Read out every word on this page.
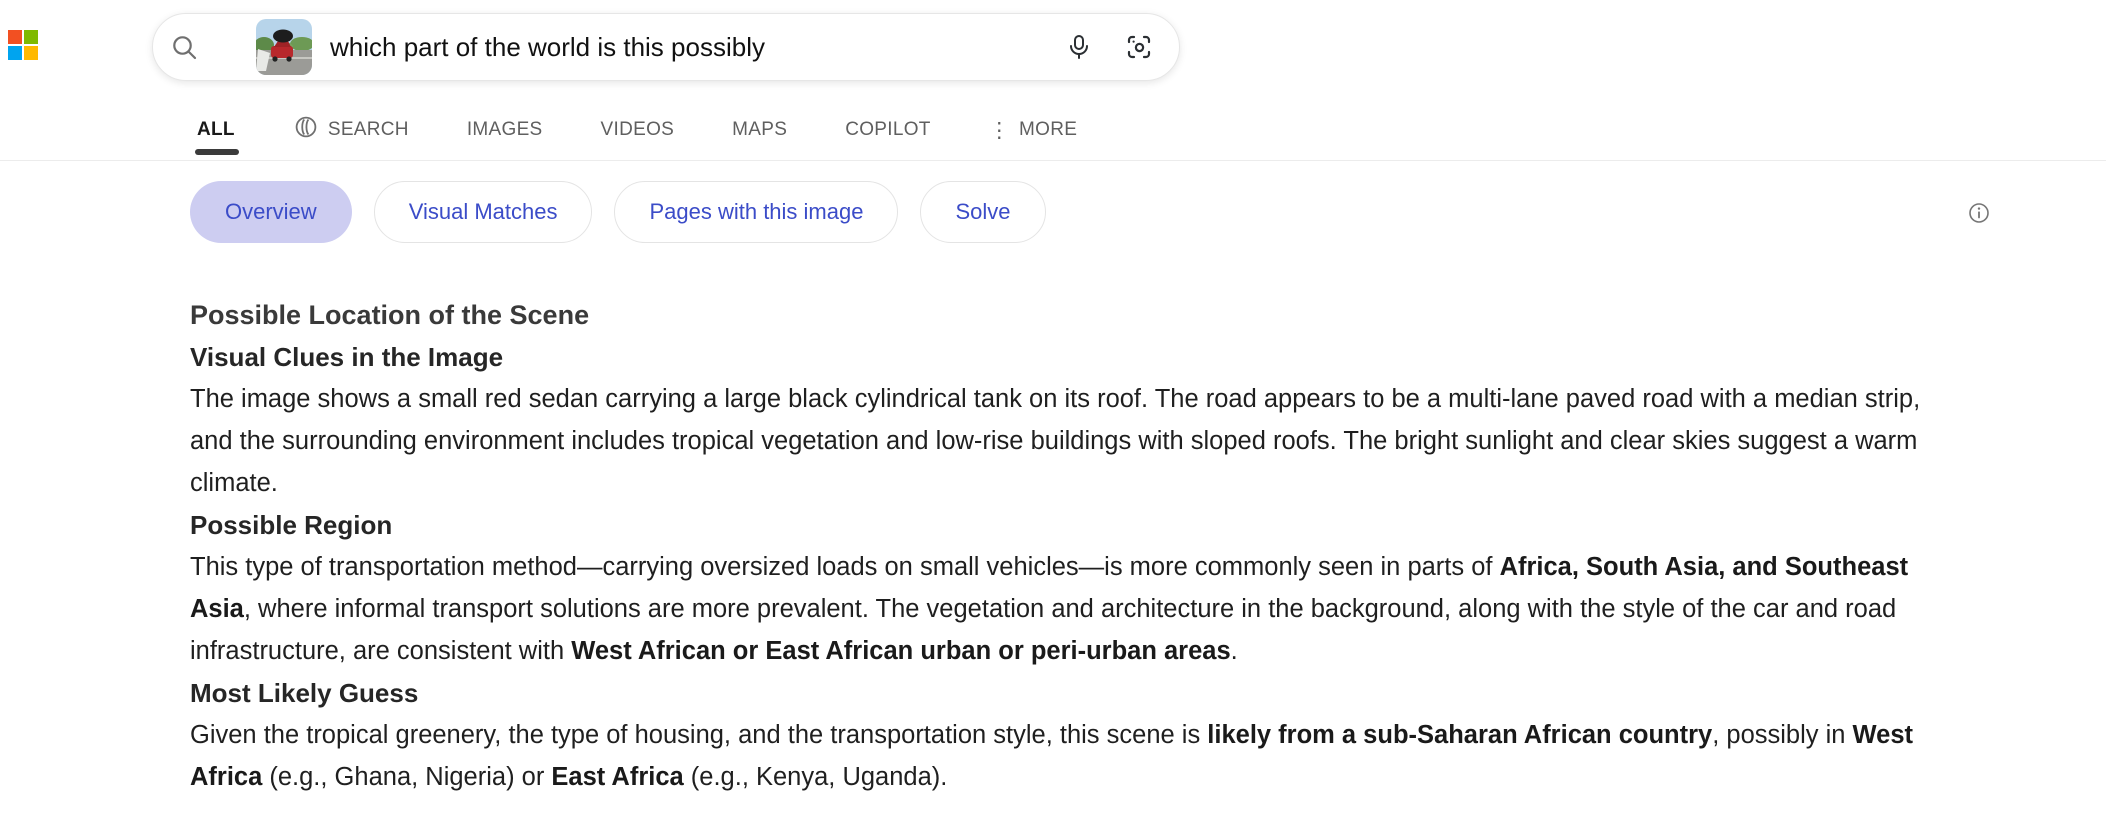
which part of the world is this possibly
ALL	SEARCH	IMAGES	VIDEOS	MAPS	COPILOT	⋮ MORE
Overview	Visual Matches	Pages with this image	Solve
Possible Location of the Scene
Visual Clues in the Image

The image shows a small red sedan carrying a large black cylindrical tank on its roof. The road appears to be a multi-lane paved road with a median strip, and the surrounding environment includes tropical vegetation and low-rise buildings with sloped roofs. The bright sunlight and clear skies suggest a warm climate.

Possible Region

This type of transportation method—carrying oversized loads on small vehicles—is more commonly seen in parts of Africa, South Asia, and Southeast Asia, where informal transport solutions are more prevalent. The vegetation and architecture in the background, along with the style of the car and road infrastructure, are consistent with West African or East African urban or peri-urban areas.

Most Likely Guess

Given the tropical greenery, the type of housing, and the transportation style, this scene is likely from a sub-Saharan African country, possibly in West Africa (e.g., Ghana, Nigeria) or East Africa (e.g., Kenya, Uganda).
